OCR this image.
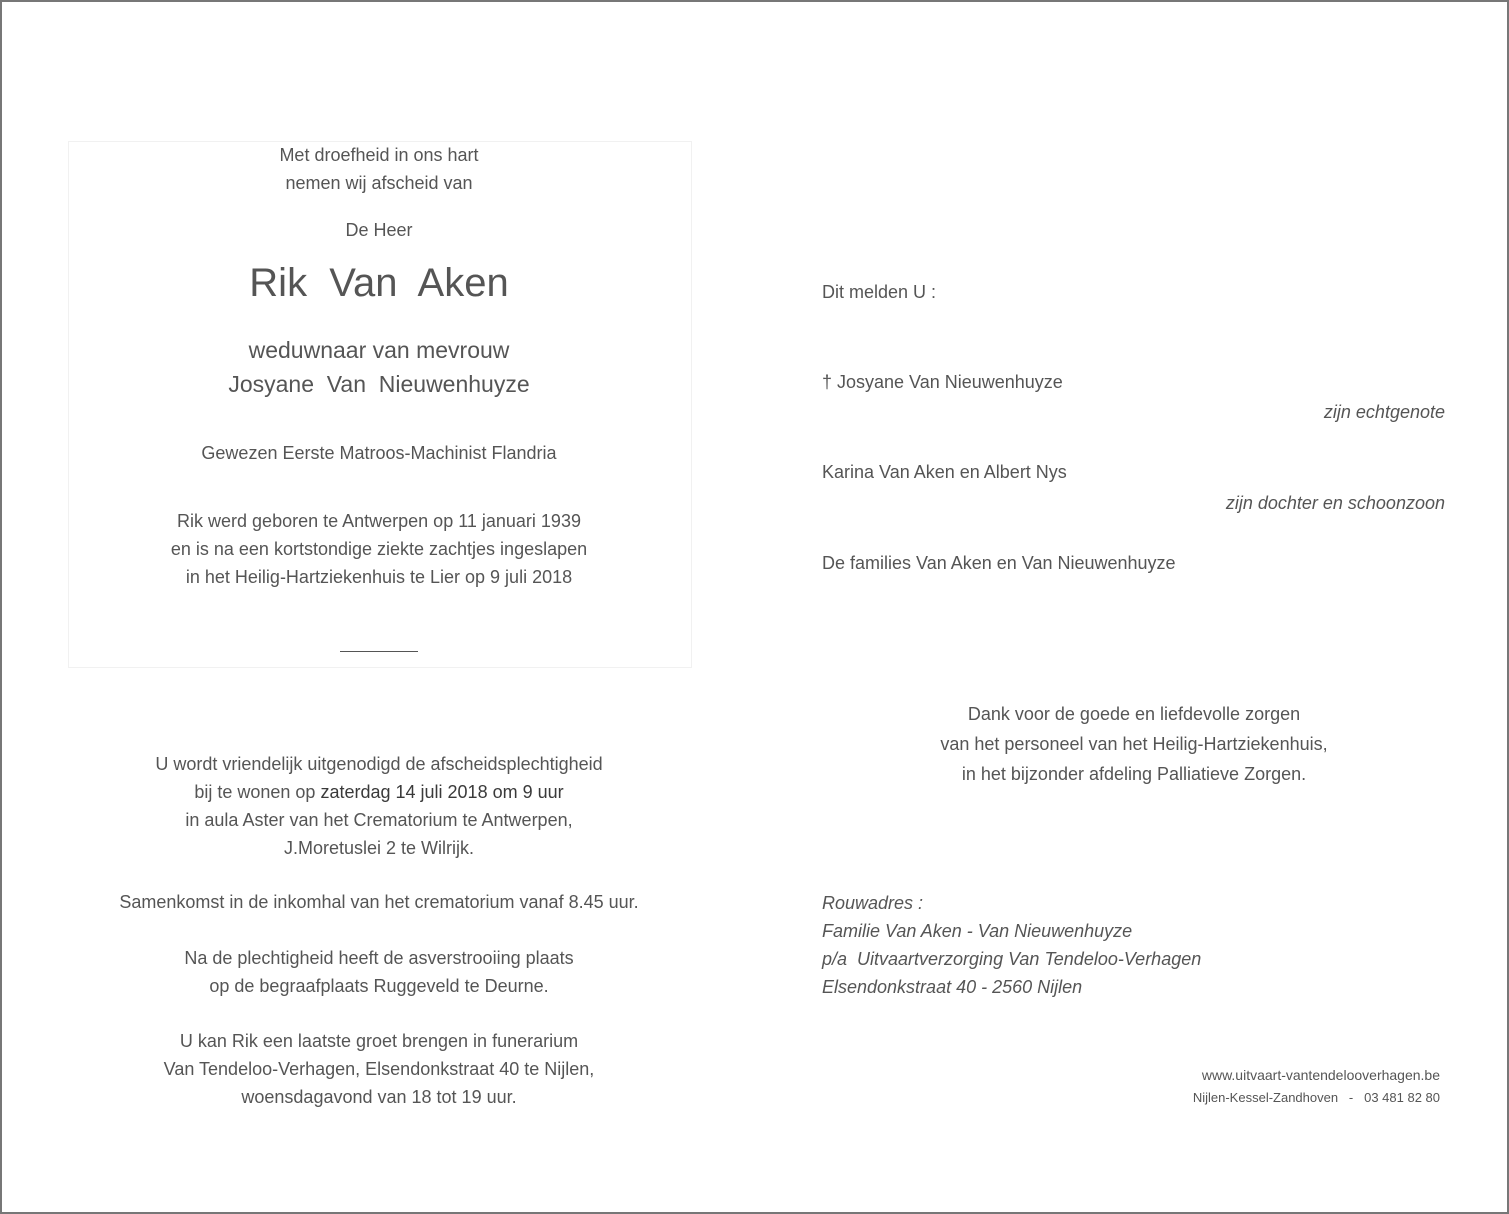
Met droefheid in ons hart
nemen wij afscheid van
De Heer
Rik  Van  Aken
weduwnaar van mevrouw
Josyane  Van  Nieuwenhuyze
Gewezen Eerste Matroos-Machinist Flandria
Rik werd geboren te Antwerpen op 11 januari 1939
en is na een kortstondige ziekte zachtjes ingeslapen
in het Heilig-Hartziekenhuis te Lier op 9 juli 2018
U wordt vriendelijk uitgenodigd de afscheidsplechtigheid
bij te wonen op zaterdag 14 juli 2018 om 9 uur
in aula Aster van het Crematorium te Antwerpen,
J.Moretuslei 2 te Wilrijk.
Samenkomst in de inkomhal van het crematorium vanaf 8.45 uur.
Na de plechtigheid heeft de asverstrooiing plaats
op de begraafplaats Ruggeveld te Deurne.
U kan Rik een laatste groet brengen in funerarium
Van Tendeloo-Verhagen, Elsendonkstraat 40 te Nijlen,
woensdagavond van 18 tot 19 uur.
Dit melden U :
† Josyane Van Nieuwenhuyze
zijn echtgenote
Karina Van Aken en Albert Nys
zijn dochter en schoonzoon
De families Van Aken en Van Nieuwenhuyze
Dank voor de goede en liefdevolle zorgen
van het personeel van het Heilig-Hartziekenhuis,
in het bijzonder afdeling Palliatieve Zorgen.
Rouwadres :
Familie Van Aken - Van Nieuwenhuyze
p/a  Uitvaartverzorging Van Tendeloo-Verhagen
Elsendonkstraat 40 - 2560 Nijlen
www.uitvaart-vantendelooverhagen.be
Nijlen-Kessel-Zandhoven - 03 481 82 80
